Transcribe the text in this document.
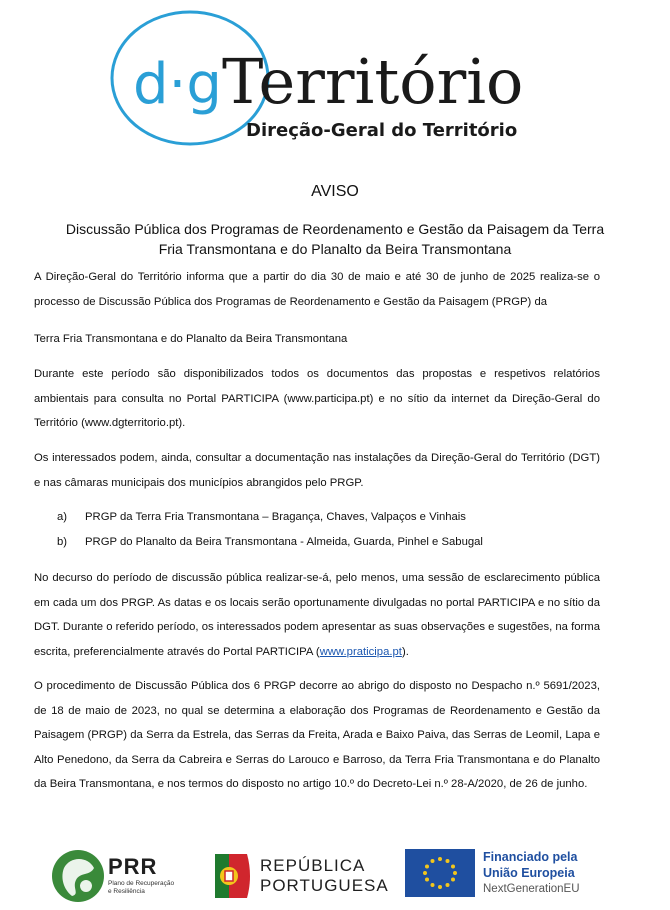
d·g Território
Direção-Geral do Território
AVISO
Discussão Pública dos Programas de Reordenamento e Gestão da Paisagem da Terra
Fria Transmontana e do Planalto da Beira Transmontana
A Direção-Geral do Território informa que a partir do dia 30 de maio e até 30 de junho de 2025 realiza-se o processo de Discussão Pública dos Programas de Reordenamento e Gestão da Paisagem (PRGP) da
Terra Fria Transmontana e do Planalto da Beira Transmontana
Durante este período são disponibilizados todos os documentos das propostas e respetivos relatórios ambientais para consulta no Portal PARTICIPA (www.participa.pt) e no sítio da internet da Direção-Geral do Território (www.dgterritorio.pt).
Os interessados podem, ainda, consultar a documentação nas instalações da Direção-Geral do Território (DGT) e nas câmaras municipais dos municípios abrangidos pelo PRGP.
a) PRGP da Terra Fria Transmontana – Bragança, Chaves, Valpaços e Vinhais
b) PRGP do Planalto da Beira Transmontana - Almeida, Guarda, Pinhel e Sabugal
No decurso do período de discussão pública realizar-se-á, pelo menos, uma sessão de esclarecimento pública em cada um dos PRGP. As datas e os locais serão oportunamente divulgadas no portal PARTICIPA e no sítio da DGT. Durante o referido período, os interessados podem apresentar as suas observações e sugestões, na forma escrita, preferencialmente através do Portal PARTICIPA (www.praticipa.pt).
O procedimento de Discussão Pública dos 6 PRGP decorre ao abrigo do disposto no Despacho n.º 5691/2023, de 18 de maio de 2023, no qual se determina a elaboração dos Programas de Reordenamento e Gestão da Paisagem (PRGP) da Serra da Estrela, das Serras da Freita, Arada e Baixo Paiva, das Serras de Leomil, Lapa e Alto Penedono, da Serra da Cabreira e Serras do Larouco e Barroso, da Terra Fria Transmontana e do Planalto da Beira Transmontana, e nos termos do disposto no artigo 10.º do Decreto-Lei n.º 28-A/2020, de 26 de junho.
PRR
Plano de Recuperação
e Resiliência
REPÚBLICA
PORTUGUESA
Financiado pela
União Europeia
NextGenerationEU
